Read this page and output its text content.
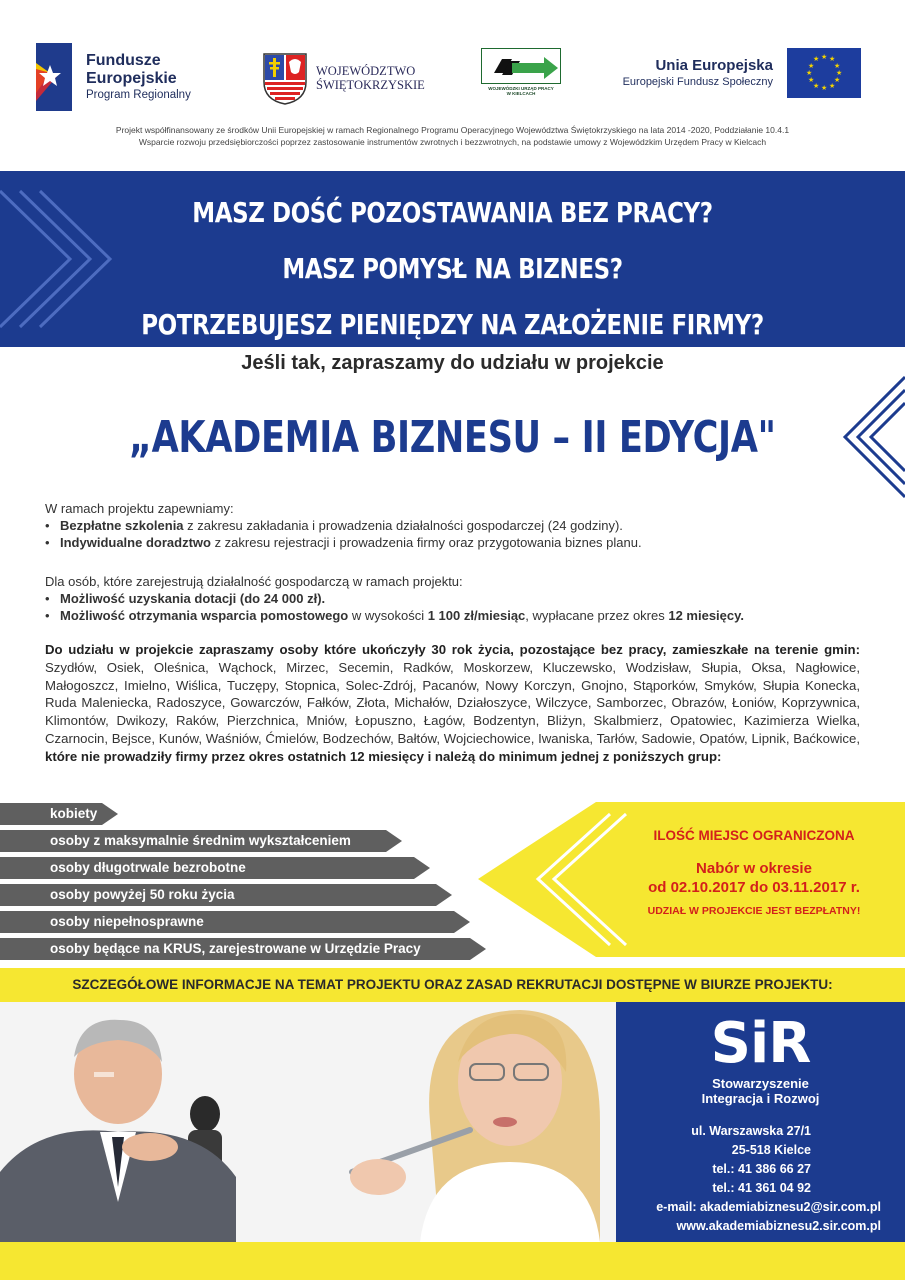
Fundusze
Europejskie
Program Regionalny
WOJEWÓDZTWO
ŚWIĘTOKRZYSKIE	WOJEWÓDZKI URZĄD PRACY
W KIELCACH
Unia Europejska
Europejski Fundusz Społeczny
★ ★
★
★
★
★
★
★
★
★
★
★
Projekt współfinansowany ze środków Unii Europejskiej w ramach Regionalnego Programu Operacyjnego Województwa Świętokrzyskiego na lata 2014 -2020, Poddziałanie 10.4.1
Wsparcie rozwoju przedsiębiorczości poprzez zastosowanie instrumentów zwrotnych i bezzwrotnych, na podstawie umowy z Wojewódzkim Urzędem Pracy w Kielcach
MASZ DOŚĆ POZOSTAWANIA BEZ PRACY?
MASZ POMYSŁ NA BIZNES?
POTRZEBUJESZ PIENIĘDZY NA ZAŁOŻENIE FIRMY?
Jeśli tak, zapraszamy do udziału w projekcie
„AKADEMIA BIZNESU – II EDYCJA"
W ramach projektu zapewniamy:
• Bezpłatne szkolenia z zakresu zakładania i prowadzenia działalności gospodarczej (24 godziny).
• Indywidualne doradztwo z zakresu rejestracji i prowadzenia firmy oraz przygotowania biznes planu.
Dla osób, które zarejestrują działalność gospodarczą w ramach projektu:
• Możliwość uzyskania dotacji (do 24 000 zł).
• Możliwość otrzymania wsparcia pomostowego w wysokości 1 100 zł/miesiąc, wypłacane przez okres 12 miesięcy.
Do udziału w projekcie zapraszamy osoby które ukończyły 30 rok życia, pozostające bez pracy, zamieszkałe na terenie gmin: Szydłów, Osiek, Oleśnica, Wąchock, Mirzec, Secemin, Radków, Moskorzew, Kluczewsko, Wodzisław, Słupia, Oksa, Nagłowice, Małogoszcz, Imielno, Wiślica, Tuczępy, Stopnica, Solec-Zdrój, Pacanów, Nowy Korczyn, Gnojno, Stąporków, Smyków, Słupia Konecka, Ruda Maleniecka, Radoszyce, Gowarczów, Fałków, Złota, Michałów, Działoszyce, Wilczyce, Samborzec, Obrazów, Łoniów, Koprzywnica, Klimontów, Dwikozy, Raków, Pierzchnica, Mniów, Łopuszno, Łagów, Bodzentyn, Bliżyn, Skalbmierz, Opatowiec, Kazimierza Wielka, Czarnocin, Bejsce, Kunów, Waśniów, Ćmielów, Bodzechów, Bałtów, Wojciechowice, Iwaniska, Tarłów, Sadowie, Opatów, Lipnik, Baćkowice, które nie prowadziły firmy przez okres ostatnich 12 miesięcy i należą do minimum jednej z poniższych grup:
kobiety
osoby z maksymalnie średnim wykształceniem
osoby długotrwale bezrobotne
osoby powyżej 50 roku życia
osoby niepełnosprawne
osoby będące na KRUS, zarejestrowane w Urzędzie Pracy
ILOŚĆ MIEJSC OGRANICZONA
Nabór w okresie
od 02.10.2017 do 03.11.2017 r.
UDZIAŁ W PROJEKCIE JEST BEZPŁATNY!
SZCZEGÓŁOWE INFORMACJE NA TEMAT PROJEKTU ORAZ ZASAD REKRUTACJI DOSTĘPNE W BIURZE PROJEKTU:
SiR
Stowarzyszenie
Integracja i Rozwoj
ul. Warszawska 27/1
25-518 Kielce
tel.: 41 386 66 27
tel.: 41 361 04 92
e-mail: akademiabiznesu2@sir.com.pl
www.akademiabiznesu2.sir.com.pl
